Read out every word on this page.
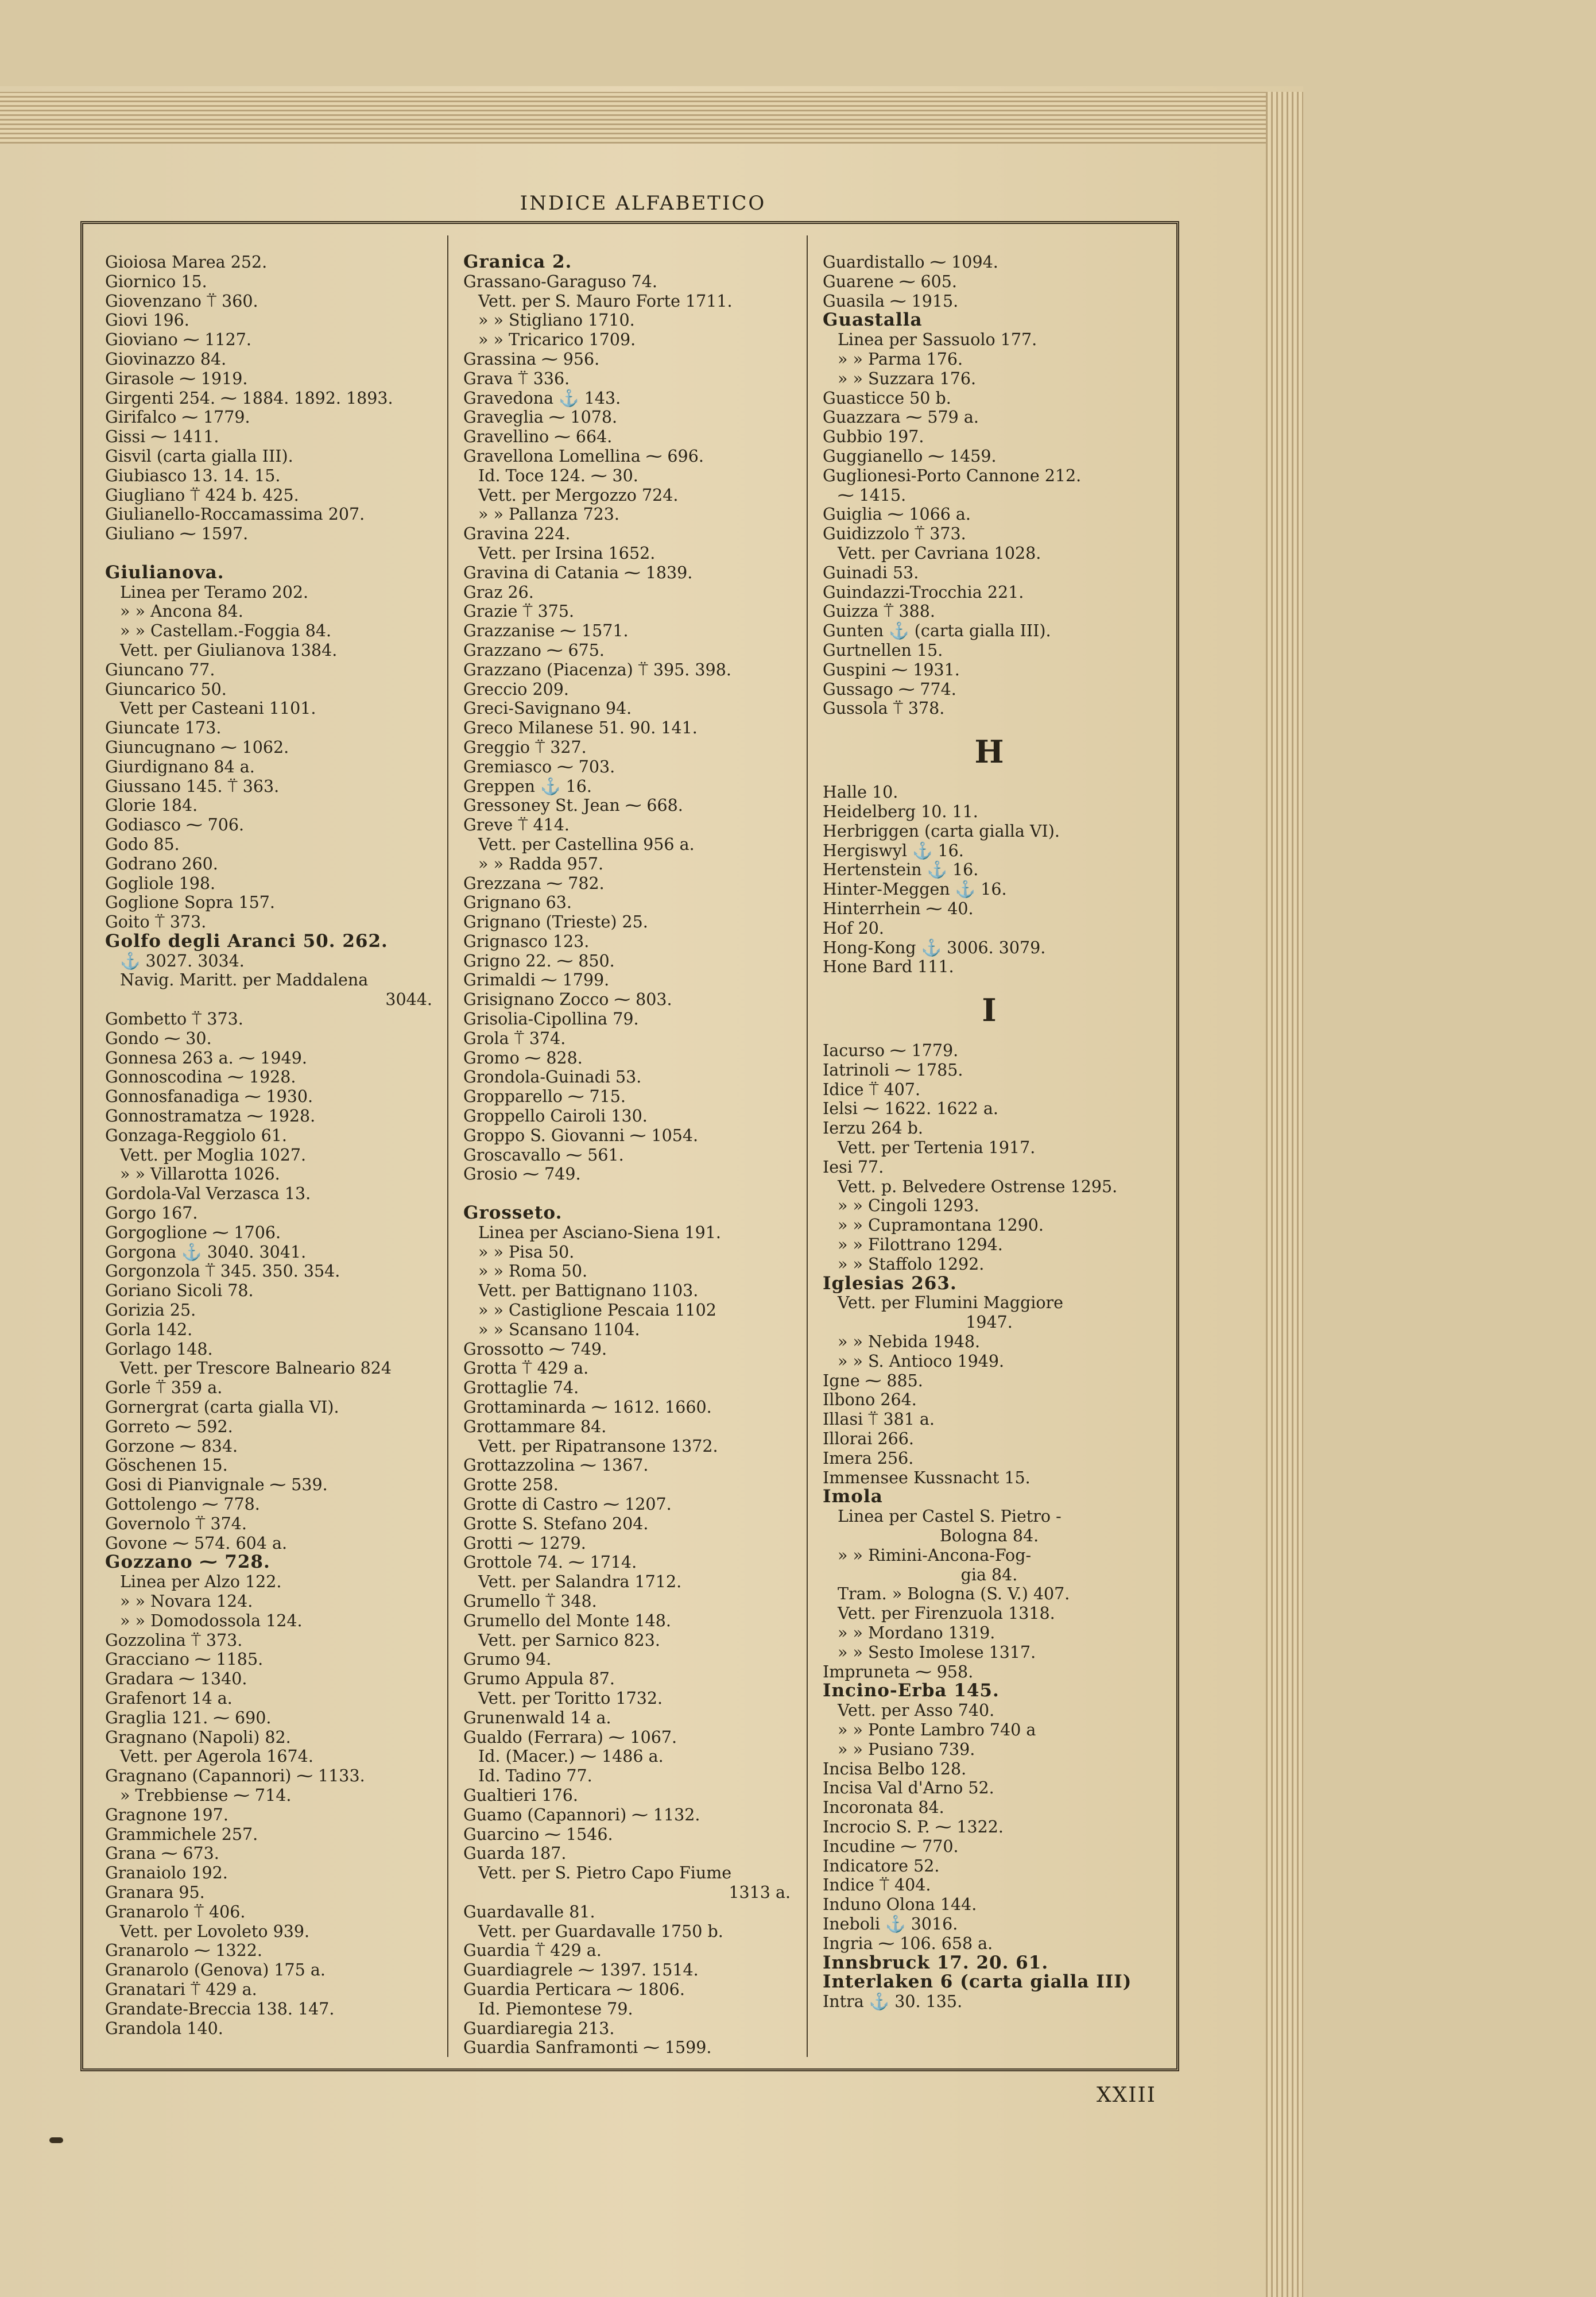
INDICE ALFABETICO
Gioiosa Marea 252.
Giornico 15.
Giovenzano ⍡ 360.
Giovi 196.
Gioviano ⁓ 1127.
Giovinazzo 84.
Girasole ⁓ 1919.
Girgenti 254. ⁓ 1884. 1892. 1893.
Girifalco ⁓ 1779.
Gissi ⁓ 1411.
Gisvil (carta gialla III).
Giubiasco 13. 14. 15.
Giugliano ⍡ 424 b. 425.
Giulianello-Roccamassima 207.
Giuliano ⁓ 1597.
Giulianova.
Linea per Teramo 202.
» » Ancona 84.
» » Castellam.-Foggia 84.
Vett. per Giulianova 1384.
Giuncano 77.
Giuncarico 50.
Vett per Casteani 1101.
Giuncate 173.
Giuncugnano ⁓ 1062.
Giurdignano 84 a.
Giussano 145. ⍡ 363.
Glorie 184.
Godiasco ⁓ 706.
Godo 85.
Godrano 260.
Gogliole 198.
Goglione Sopra 157.
Goito ⍡ 373.
Golfo degli Aranci 50. 262.
⚓ 3027. 3034.
Navig. Maritt. per Maddalena
3044.
Gombetto ⍡ 373.
Gondo ⁓ 30.
Gonnesa 263 a. ⁓ 1949.
Gonnoscodina ⁓ 1928.
Gonnosfanadiga ⁓ 1930.
Gonnostramatza ⁓ 1928.
Gonzaga-Reggiolo 61.
Vett. per Moglia 1027.
» » Villarotta 1026.
Gordola-Val Verzasca 13.
Gorgo 167.
Gorgoglione ⁓ 1706.
Gorgona ⚓ 3040. 3041.
Gorgonzola ⍡ 345. 350. 354.
Goriano Sicoli 78.
Gorizia 25.
Gorla 142.
Gorlago 148.
Vett. per Trescore Balneario 824
Gorle ⍡ 359 a.
Gornergrat (carta gialla VI).
Gorreto ⁓ 592.
Gorzone ⁓ 834.
Göschenen 15.
Gosi di Pianvignale ⁓ 539.
Gottolengo ⁓ 778.
Governolo ⍡ 374.
Govone ⁓ 574. 604 a.
Gozzano ⁓ 728.
Linea per Alzo 122.
» » Novara 124.
» » Domodossola 124.
Gozzolina ⍡ 373.
Gracciano ⁓ 1185.
Gradara ⁓ 1340.
Grafenort 14 a.
Graglia 121. ⁓ 690.
Gragnano (Napoli) 82.
Vett. per Agerola 1674.
Gragnano (Capannori) ⁓ 1133.
» Trebbiense ⁓ 714.
Gragnone 197.
Grammichele 257.
Grana ⁓ 673.
Granaiolo 192.
Granara 95.
Granarolo ⍡ 406.
Vett. per Lovoleto 939.
Granarolo ⁓ 1322.
Granarolo (Genova) 175 a.
Granatari ⍡ 429 a.
Grandate-Breccia 138. 147.
Grandola 140.
Granica 2.
Grassano-Garaguso 74.
Vett. per S. Mauro Forte 1711.
» » Stigliano 1710.
» » Tricarico 1709.
Grassina ⁓ 956.
Grava ⍡ 336.
Gravedona ⚓ 143.
Graveglia ⁓ 1078.
Gravellino ⁓ 664.
Gravellona Lomellina ⁓ 696.
Id. Toce 124. ⁓ 30.
Vett. per Mergozzo 724.
» » Pallanza 723.
Gravina 224.
Vett. per Irsina 1652.
Gravina di Catania ⁓ 1839.
Graz 26.
Grazie ⍡ 375.
Grazzanise ⁓ 1571.
Grazzano ⁓ 675.
Grazzano (Piacenza) ⍡ 395. 398.
Greccio 209.
Greci-Savignano 94.
Greco Milanese 51. 90. 141.
Greggio ⍡ 327.
Gremiasco ⁓ 703.
Greppen ⚓ 16.
Gressoney St. Jean ⁓ 668.
Greve ⍡ 414.
Vett. per Castellina 956 a.
» » Radda 957.
Grezzana ⁓ 782.
Grignano 63.
Grignano (Trieste) 25.
Grignasco 123.
Grigno 22. ⁓ 850.
Grimaldi ⁓ 1799.
Grisignano Zocco ⁓ 803.
Grisolia-Cipollina 79.
Grola ⍡ 374.
Gromo ⁓ 828.
Grondola-Guinadi 53.
Gropparello ⁓ 715.
Groppello Cairoli 130.
Groppo S. Giovanni ⁓ 1054.
Groscavallo ⁓ 561.
Grosio ⁓ 749.
Grosseto.
Linea per Asciano-Siena 191.
» » Pisa 50.
» » Roma 50.
Vett. per Battignano 1103.
» » Castiglione Pescaia 1102
» » Scansano 1104.
Grossotto ⁓ 749.
Grotta ⍡ 429 a.
Grottaglie 74.
Grottaminarda ⁓ 1612. 1660.
Grottammare 84.
Vett. per Ripatransone 1372.
Grottazzolina ⁓ 1367.
Grotte 258.
Grotte di Castro ⁓ 1207.
Grotte S. Stefano 204.
Grotti ⁓ 1279.
Grottole 74. ⁓ 1714.
Vett. per Salandra 1712.
Grumello ⍡ 348.
Grumello del Monte 148.
Vett. per Sarnico 823.
Grumo 94.
Grumo Appula 87.
Vett. per Toritto 1732.
Grunenwald 14 a.
Gualdo (Ferrara) ⁓ 1067.
Id. (Macer.) ⁓ 1486 a.
Id. Tadino 77.
Gualtieri 176.
Guamo (Capannori) ⁓ 1132.
Guarcino ⁓ 1546.
Guarda 187.
Vett. per S. Pietro Capo Fiume
1313 a.
Guardavalle 81.
Vett. per Guardavalle 1750 b.
Guardia ⍡ 429 a.
Guardiagrele ⁓ 1397. 1514.
Guardia Perticara ⁓ 1806.
Id. Piemontese 79.
Guardiaregia 213.
Guardia Sanframonti ⁓ 1599.
Guardistallo ⁓ 1094.
Guarene ⁓ 605.
Guasila ⁓ 1915.
Guastalla
Linea per Sassuolo 177.
» » Parma 176.
» » Suzzara 176.
Guasticce 50 b.
Guazzara ⁓ 579 a.
Gubbio 197.
Guggianello ⁓ 1459.
Guglionesi-Porto Cannone 212.
⁓ 1415.
Guiglia ⁓ 1066 a.
Guidizzolo ⍡ 373.
Vett. per Cavriana 1028.
Guinadi 53.
Guindazzi-Trocchia 221.
Guizza ⍡ 388.
Gunten ⚓ (carta gialla III).
Gurtnellen 15.
Guspini ⁓ 1931.
Gussago ⁓ 774.
Gussola ⍡ 378.
H
Halle 10.
Heidelberg 10. 11.
Herbriggen (carta gialla VI).
Hergiswyl ⚓ 16.
Hertenstein ⚓ 16.
Hinter-Meggen ⚓ 16.
Hinterrhein ⁓ 40.
Hof 20.
Hong-Kong ⚓ 3006. 3079.
Hone Bard 111.
I
Iacurso ⁓ 1779.
Iatrinoli ⁓ 1785.
Idice ⍡ 407.
Ielsi ⁓ 1622. 1622 a.
Ierzu 264 b.
Vett. per Tertenia 1917.
Iesi 77.
Vett. p. Belvedere Ostrense 1295.
» » Cingoli 1293.
» » Cupramontana 1290.
» » Filottrano 1294.
» » Staffolo 1292.
Iglesias 263.
Vett. per Flumini Maggiore
1947.
» » Nebida 1948.
» » S. Antioco 1949.
Igne ⁓ 885.
Ilbono 264.
Illasi ⍡ 381 a.
Illorai 266.
Imera 256.
Immensee Kussnacht 15.
Imola
Linea per Castel S. Pietro -
Bologna 84.
» » Rimini-Ancona-Fog-
gia 84.
Tram. » Bologna (S. V.) 407.
Vett. per Firenzuola 1318.
» » Mordano 1319.
» » Sesto Imolese 1317.
Impruneta ⁓ 958.
Incino-Erba 145.
Vett. per Asso 740.
» » Ponte Lambro 740 a
» » Pusiano 739.
Incisa Belbo 128.
Incisa Val d'Arno 52.
Incoronata 84.
Incrocio S. P. ⁓ 1322.
Incudine ⁓ 770.
Indicatore 52.
Indice ⍡ 404.
Induno Olona 144.
Ineboli ⚓ 3016.
Ingria ⁓ 106. 658 a.
Innsbruck 17. 20. 61.
Interlaken 6 (carta gialla III)
Intra ⚓ 30. 135.
XXIII
